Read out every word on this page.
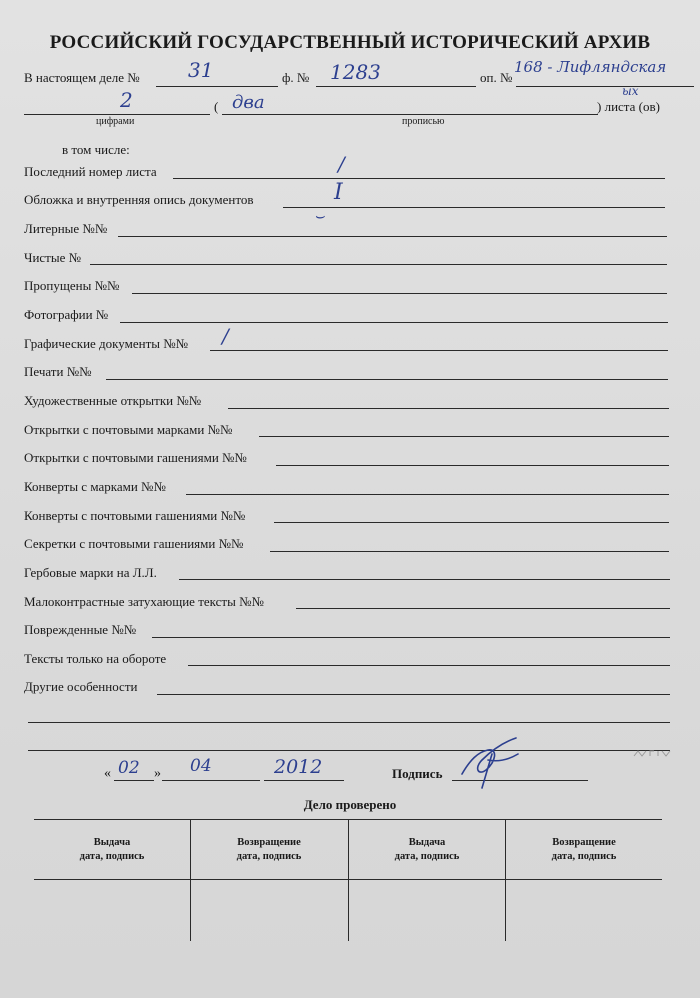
РОССИЙСКИЙ ГОСУДАРСТВЕННЫЙ ИСТОРИЧЕСКИЙ АРХИВ
В настоящем деле № 31	ф. № 1283	оп. №
168 - Лифляндская
2	( два	) листа (ов)
ых
цифрами	прописью
в том числе:
Последний номер листа	/
Обложка и внутренняя опись документов	I
⌣
Литерные №№
Чистые №
Пропущены №№
Фотографии №
Графические документы №№ /
Печати №№
Художественные открытки №№
Открытки с почтовыми марками №№
Открытки с почтовыми гашениями №№
Конверты с марками №№
Конверты с почтовыми гашениями №№
Секретки с почтовыми гашениями №№
Гербовые марки на Л.Л.
Малоконтрастные затухающие тексты №№
Поврежденные №№
Тексты только на обороте
Другие особенности
« 02 » 04	2012	Подпись
Дело проверено
Выдача
дата, подпись
Возвращение
дата, подпись
Выдача
дата, подпись
Возвращение
дата, подпись
